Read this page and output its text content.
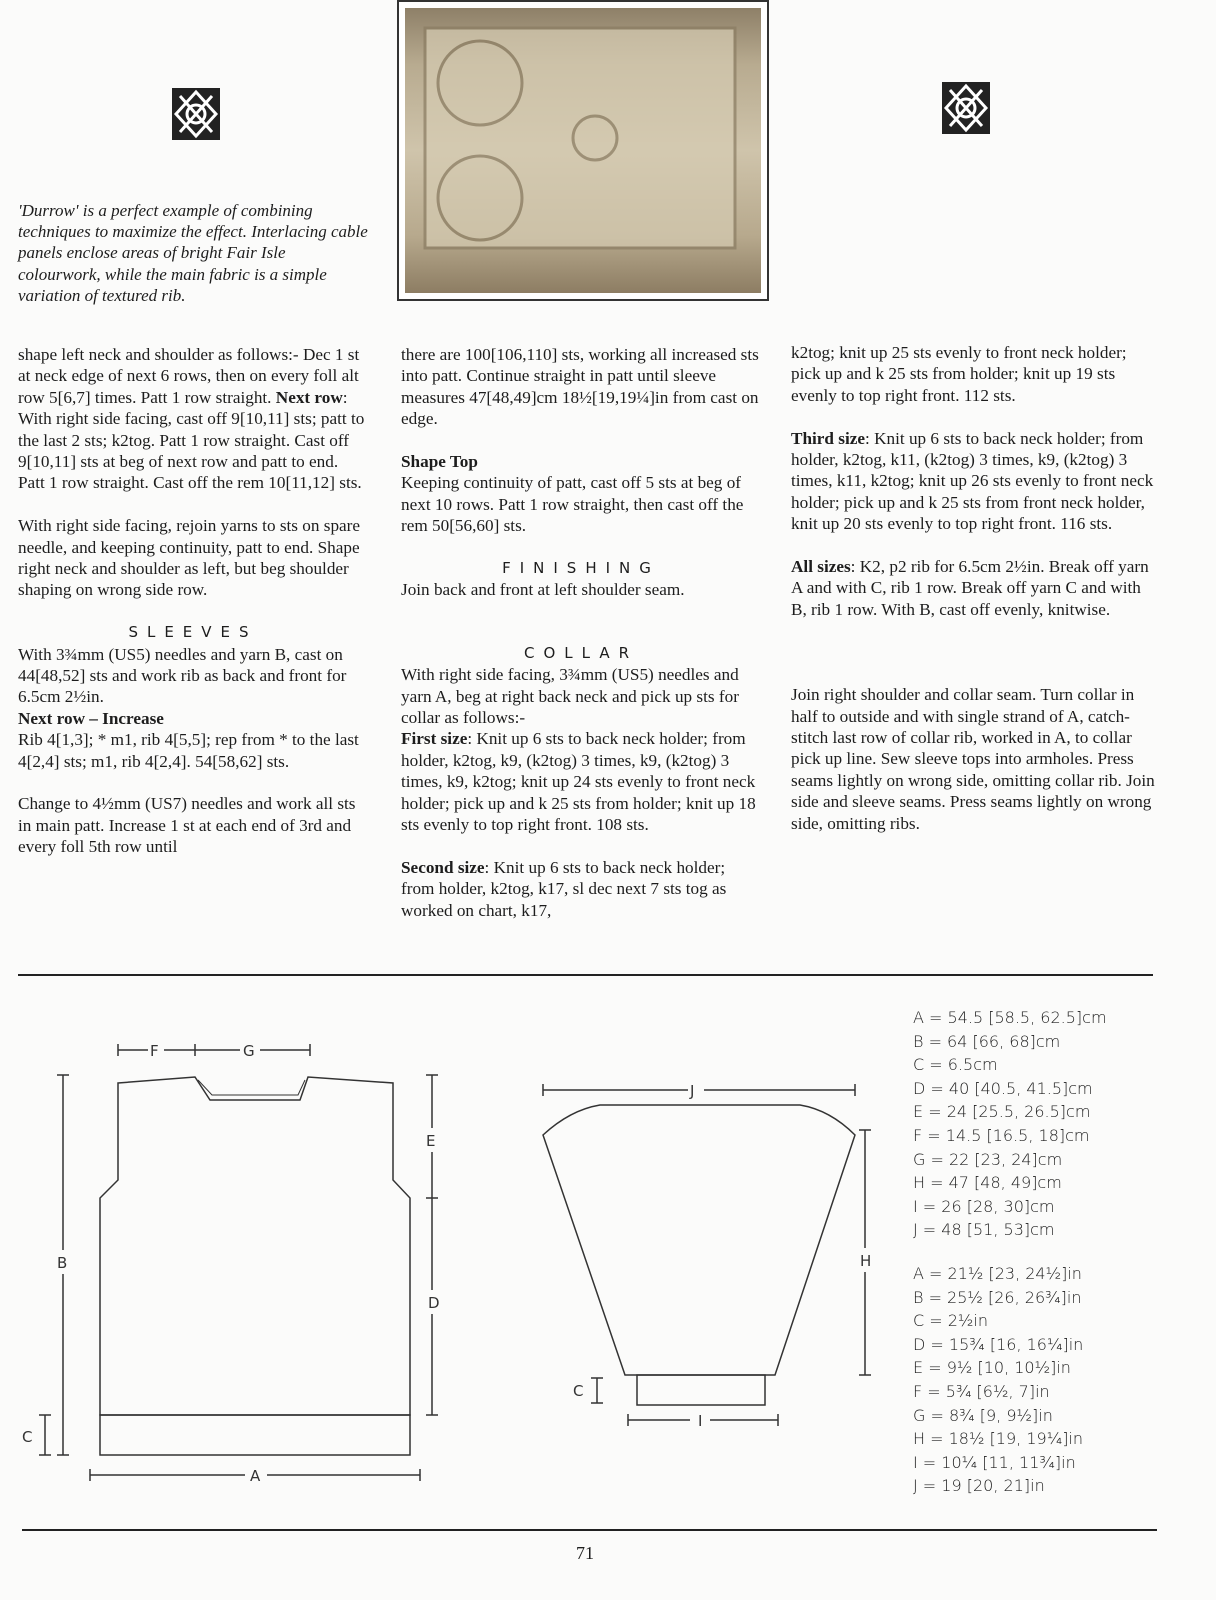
'Durrow' is a perfect example of combining techniques to maximize the effect. Interlacing cable panels enclose areas of bright Fair Isle colourwork, while the main fabric is a simple variation of textured rib.

shape left neck and shoulder as follows:- Dec 1 st at neck edge of next 6 rows, then on every foll alt row 5[6,7] times. Patt 1 row straight. Next row: With right side facing, cast off 9[10,11] sts; patt to the last 2 sts; k2tog. Patt 1 row straight. Cast off 9[10,11] sts at beg of next row and patt to end. Patt 1 row straight. Cast off the rem 10[11,12] sts.

With right side facing, rejoin yarns to sts on spare needle, and keeping continuity, patt to end. Shape right neck and shoulder as left, but beg shoulder shaping on wrong side row.

SLEEVES
With 3¾mm (US5) needles and yarn B, cast on 44[48,52] sts and work rib as back and front for 6.5cm 2½in.
Next row – Increase

Rib 4[1,3]; * m1, rib 4[5,5]; rep from * to the last 4[2,4] sts; m1, rib 4[2,4]. 54[58,62] sts.

Change to 4½mm (US7) needles and work all sts in main patt. Increase 1 st at each end of 3rd and every foll 5th row until

there are 100[106,110] sts, working all increased sts into patt. Continue straight in patt until sleeve measures 47[48,49]cm 18½[19,19¼]in from cast on edge.

Shape Top

Keeping continuity of patt, cast off 5 sts at beg of next 10 rows. Patt 1 row straight, then cast off the rem 50[56,60] sts.

FINISHING

Join back and front at left shoulder seam.

COLLAR
With right side facing, 3¾mm (US5) needles and yarn A, beg at right back neck and pick up sts for collar as follows:-

First size: Knit up 6 sts to back neck holder; from holder, k2tog, k9, (k2tog) 3 times, k9, (k2tog) 3 times, k9, k2tog; knit up 24 sts evenly to front neck holder; pick up and k 25 sts from holder; knit up 18 sts evenly to top right front. 108 sts.

Second size: Knit up 6 sts to back neck holder; from holder, k2tog, k17, sl dec next 7 sts tog as worked on chart, k17,

k2tog; knit up 25 sts evenly to front neck holder; pick up and k 25 sts from holder; knit up 19 sts evenly to top right front. 112 sts.

Third size: Knit up 6 sts to back neck holder; from holder, k2tog, k11, (k2tog) 3 times, k9, (k2tog) 3 times, k11, k2tog; knit up 26 sts evenly to front neck holder; pick up and k 25 sts from front neck holder, knit up 20 sts evenly to top right front. 116 sts.

All sizes: K2, p2 rib for 6.5cm 2½in. Break off yarn A and with C, rib 1 row. Break off yarn C and with B, rib 1 row. With B, cast off evenly, knitwise.

Join right shoulder and collar seam. Turn collar in half to outside and with single strand of A, catch-stitch last row of collar rib, worked in A, to collar pick up line. Sew sleeve tops into armholes. Press seams lightly on wrong side, omitting collar rib. Join side and sleeve seams. Press seams lightly on wrong side, omitting ribs.

F	G
B
C
A
E
D
J
H
I
C
A = 54.5 [58.5, 62.5]cm
B = 64 [66, 68]cm
C = 6.5cm
D = 40 [40.5, 41.5]cm
E = 24 [25.5, 26.5]cm
F = 14.5 [16.5, 18]cm
G = 22 [23, 24]cm
H = 47 [48, 49]cm
I = 26 [28, 30]cm
J = 48 [51, 53]cm
A = 21½ [23, 24½]in
B = 25½ [26, 26¾]in
C = 2½in
D = 15¾ [16, 16¼]in
E = 9½ [10, 10½]in
F = 5¾ [6½, 7]in
G = 8¾ [9, 9½]in
H = 18½ [19, 19¼]in
I = 10¼ [11, 11¾]in
J = 19 [20, 21]in
71
